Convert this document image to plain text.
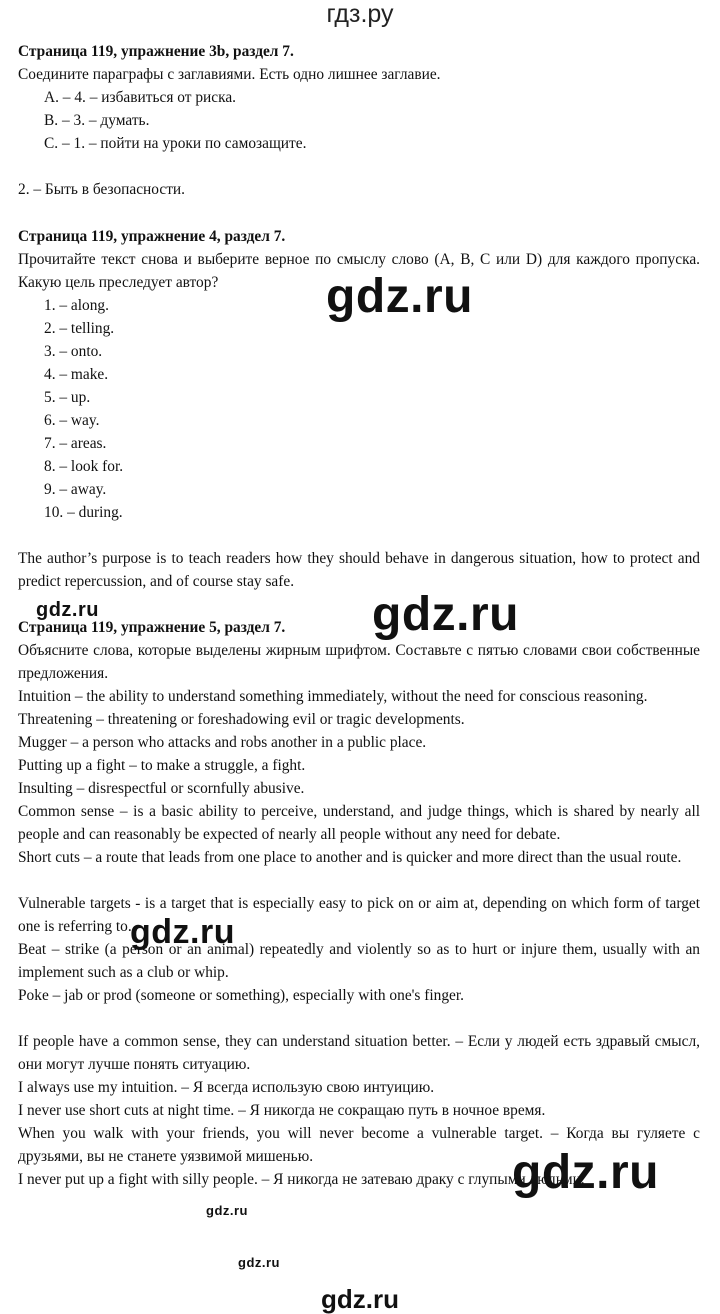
гдз.ру

Страница 119, упражнение 3b, раздел 7.

Соедините параграфы с заглавиями. Есть одно лишнее заглавие.

A. – 4. – избавиться от риска.

B. – 3. – думать.

C. – 1. – пойти на уроки по самозащите.

2. – Быть в безопасности.

Страница 119, упражнение 4, раздел 7.

Прочитайте текст снова и выберите верное по смыслу слово (A, B, C или D) для каждого пропуска. Какую цель преследует автор?

1. – along.

2. – telling.

3. – onto.

4. – make.

5. – up.

6. – way.

7. – areas.

8. – look for.

9. – away.

10. – during.

The author’s purpose is to teach readers how they should behave in dangerous situation, how to protect and predict repercussion, and of course stay safe.

Страница 119, упражнение 5, раздел 7.

Объясните слова, которые выделены жирным шрифтом. Составьте с пятью словами свои собственные предложения.

Intuition – the ability to understand something immediately, without the need for conscious reasoning.

Threatening – threatening or foreshadowing evil or tragic developments.

Mugger – a person who attacks and robs another in a public place.

Putting up a fight – to make a struggle, a fight.

Insulting – disrespectful or scornfully abusive.

Common sense – is a basic ability to perceive, understand, and judge things, which is shared by nearly all people and can reasonably be expected of nearly all people without any need for debate.

Short cuts – a route that leads from one place to another and is quicker and more direct than the usual route.

Vulnerable targets - is a target that is especially easy to pick on or aim at, depending on which form of target one is referring to.

Beat – strike (a person or an animal) repeatedly and violently so as to hurt or injure them, usually with an implement such as a club or whip.

Poke – jab or prod (someone or something), especially with one's finger.

If people have a common sense, they can understand situation better. – Если у людей есть здравый смысл, они могут лучше понять ситуацию.

I always use my intuition. – Я всегда использую свою интуицию.

I never use short cuts at night time. – Я никогда не сокращаю путь в ночное время.

When you walk with your friends, you will never become a vulnerable target. – Когда вы гуляете с друзьями, вы не станете уязвимой мишенью.

I never put up a fight with silly people. – Я никогда не затеваю драку с глупыми людьми.

gdz.ru
gdz.ru
gdz.ru
gdz.ru
gdz.ru
gdz.ru
gdz.ru
gdz.ru
